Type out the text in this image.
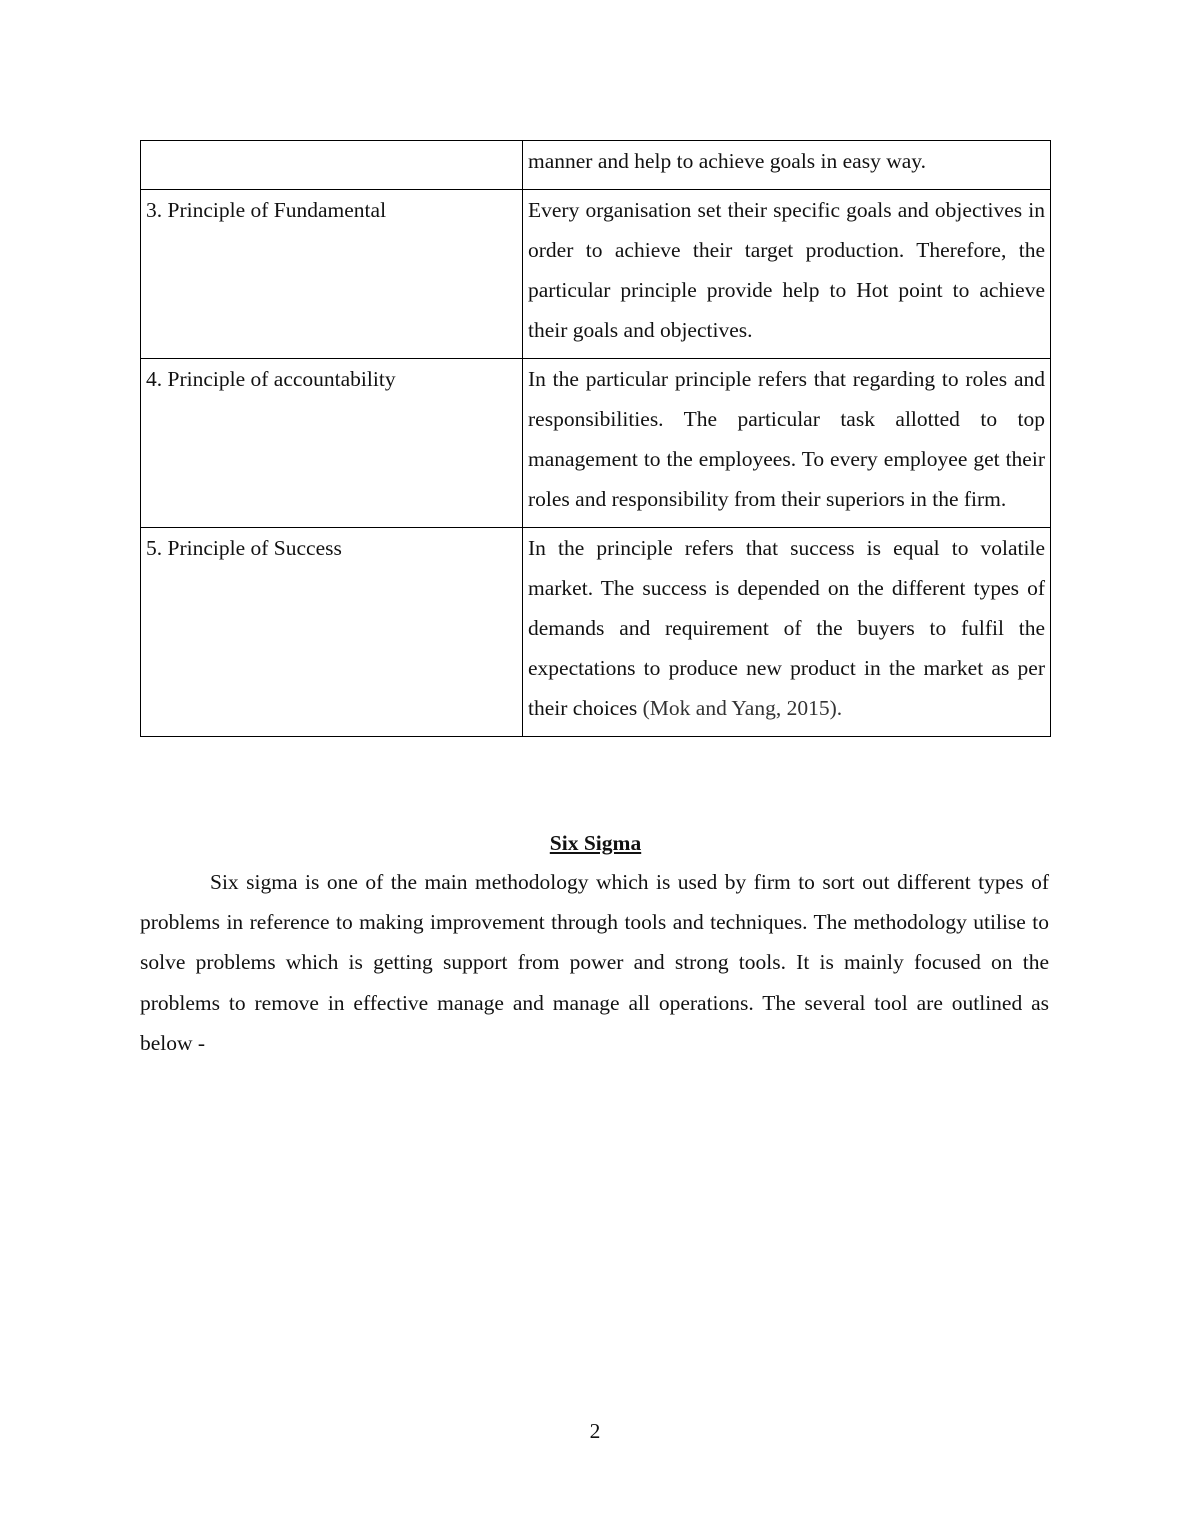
	manner and help to achieve goals in easy way.
3. Principle of Fundamental	Every organisation set their specific goals and objectives in order to achieve their target production. Therefore, the particular principle provide help to Hot point to achieve their goals and objectives.
4. Principle of accountability	In the particular principle refers that regarding to roles and responsibilities. The particular task allotted to top management to the employees. To every employee get their roles and responsibility from their superiors in the firm.
5. Principle of Success	In the principle refers that success is equal to volatile market. The success is depended on the different types of demands and requirement of the buyers to fulfil the expectations to produce new product in the market as per their choices (Mok and Yang, 2015).
Six Sigma

Six sigma is one of the main methodology which is used by firm to sort out different types of problems in reference to making improvement through tools and techniques. The methodology utilise to solve problems which is getting support from power and strong tools. It is mainly focused on the problems to remove in effective manage and manage all operations. The several tool are outlined as below -

2
